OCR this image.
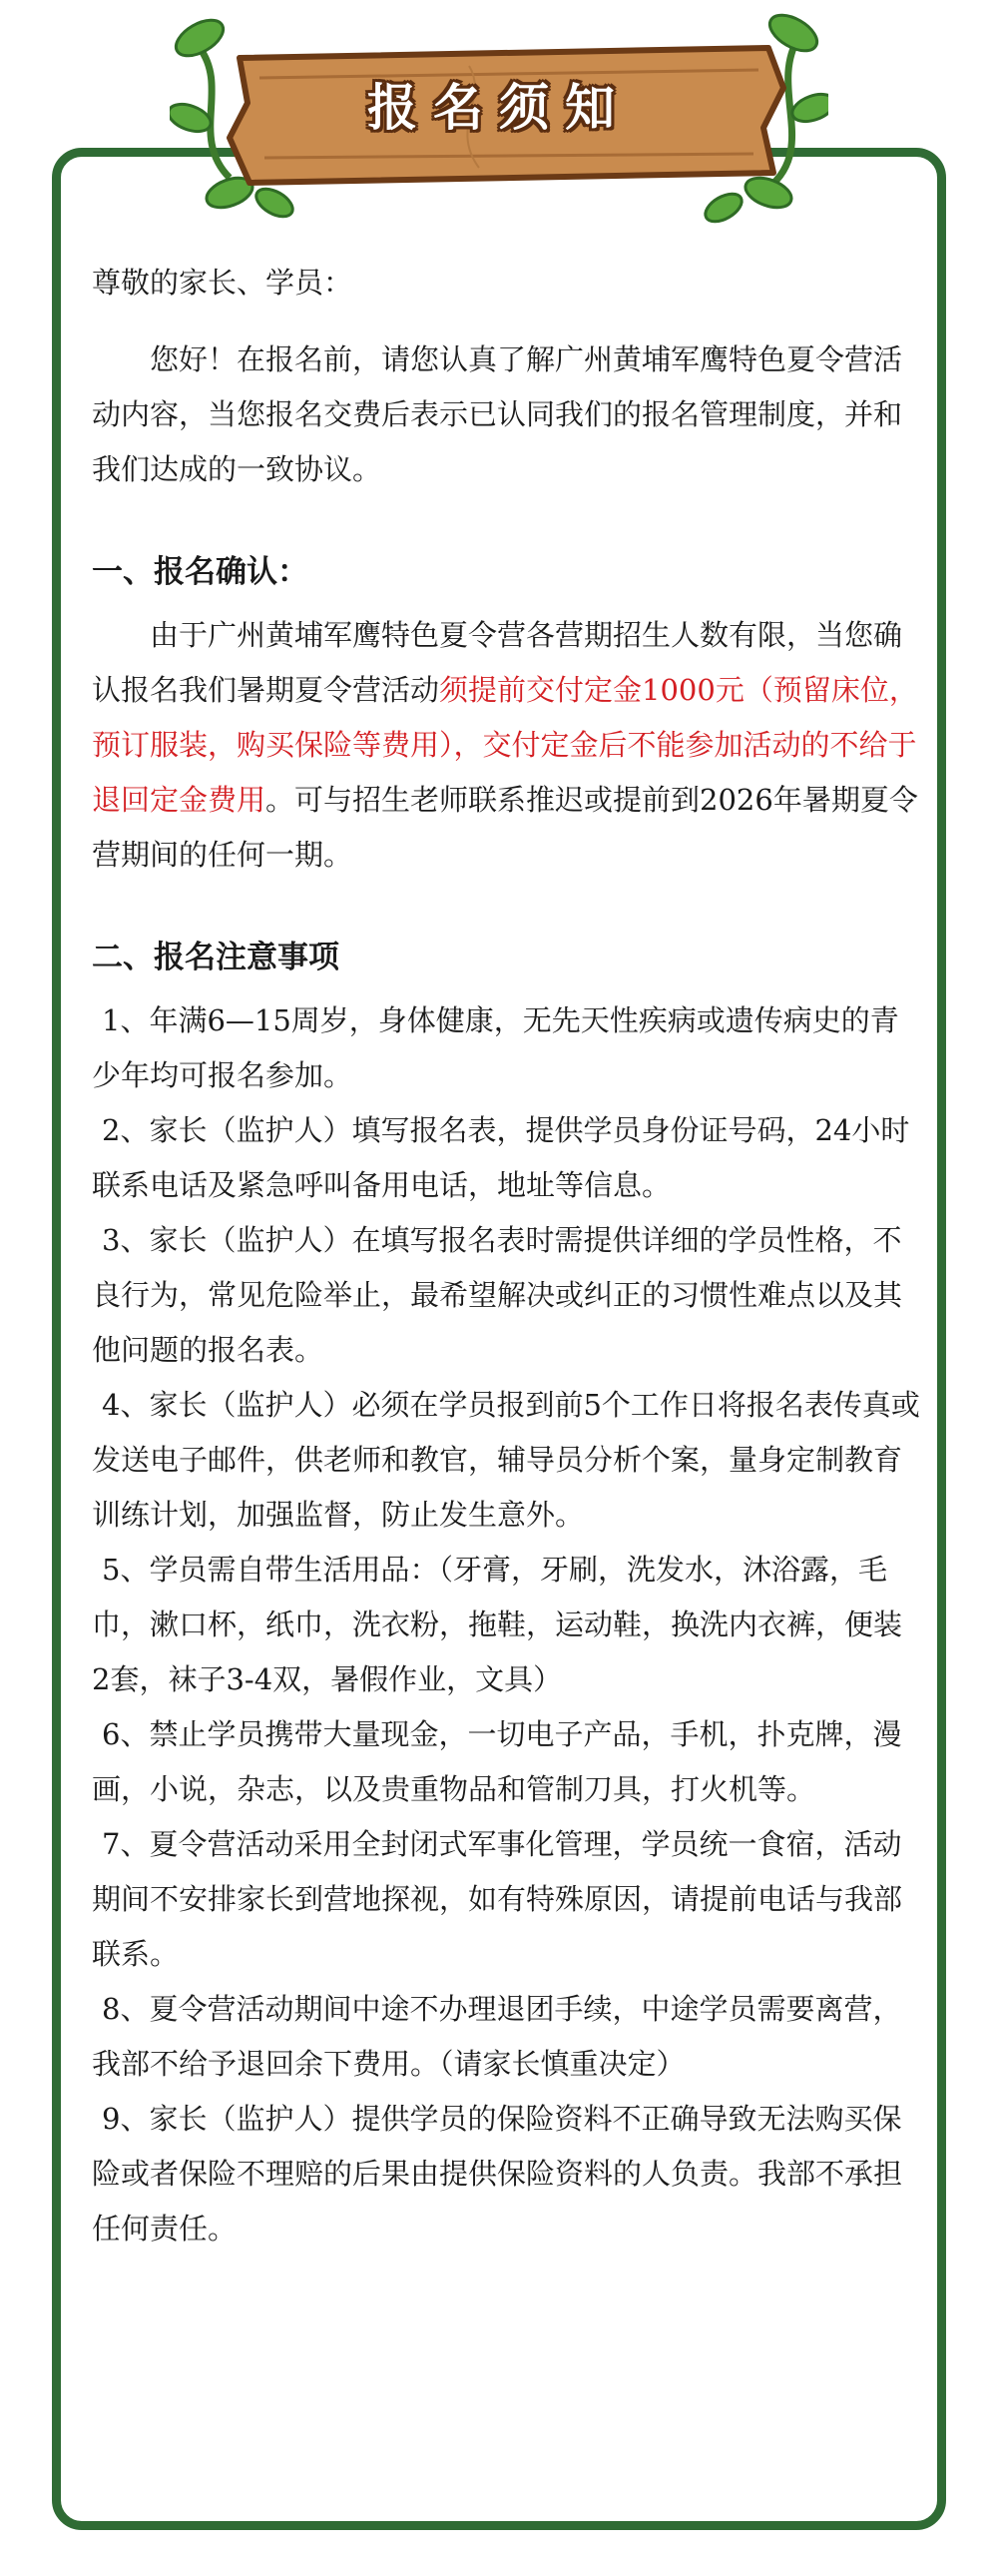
报名须知

尊敬的家长、学员：

您好！在报名前，请您认真了解广州黄埔军鹰特色夏令营活动内容，当您报名交费后表示已认同我们的报名管理制度，并和我们达成的一致协议。

一、报名确认：

由于广州黄埔军鹰特色夏令营各营期招生人数有限，当您确认报名我们暑期夏令营活动须提前交付定金1000元（预留床位，预订服装，购买保险等费用），交付定金后不能参加活动的不给于退回定金费用。可与招生老师联系推迟或提前到2026年暑期夏令营期间的任何一期。

二、报名注意事项

1、年满6—15周岁，身体健康，无先天性疾病或遗传病史的青少年均可报名参加。

2、家长（监护人）填写报名表，提供学员身份证号码，24小时联系电话及紧急呼叫备用电话，地址等信息。

3、家长（监护人）在填写报名表时需提供详细的学员性格，不良行为，常见危险举止，最希望解决或纠正的习惯性难点以及其他问题的报名表。

4、家长（监护人）必须在学员报到前5个工作日将报名表传真或发送电子邮件，供老师和教官，辅导员分析个案，量身定制教育训练计划，加强监督，防止发生意外。

5、学员需自带生活用品：（牙膏，牙刷，洗发水，沐浴露，毛巾，漱口杯，纸巾，洗衣粉，拖鞋，运动鞋，换洗内衣裤，便装2套，袜子3-4双，暑假作业，文具）

6、禁止学员携带大量现金，一切电子产品，手机，扑克牌，漫画，小说，杂志，以及贵重物品和管制刀具，打火机等。

7、夏令营活动采用全封闭式军事化管理，学员统一食宿，活动期间不安排家长到营地探视，如有特殊原因，请提前电话与我部联系。

8、夏令营活动期间中途不办理退团手续，中途学员需要离营，我部不给予退回余下费用。（请家长慎重决定）

9、家长（监护人）提供学员的保险资料不正确导致无法购买保险或者保险不理赔的后果由提供保险资料的人负责。我部不承担任何责任。
